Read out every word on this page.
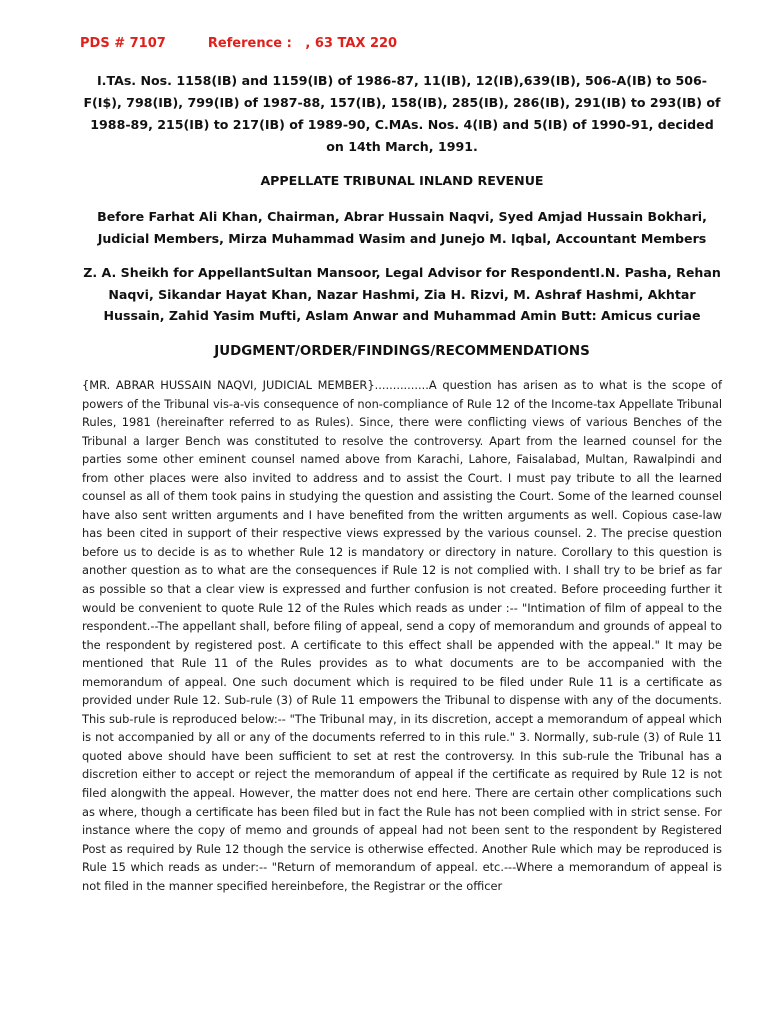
PDS # 7107	Reference : , 63 TAX 220
I.TAs. Nos. 1158(IB) and 1159(IB) of 1986-87, 11(IB), 12(IB),639(IB), 506-A(IB) to 506-F(I$), 798(IB), 799(IB) of 1987-88, 157(IB), 158(IB), 285(IB), 286(IB), 291(IB) to 293(IB) of 1988-89, 215(IB) to 217(IB) of 1989-90, C.MAs. Nos. 4(IB) and 5(IB) of 1990-91, decided on 14th March, 1991.
APPELLATE TRIBUNAL INLAND REVENUE
Before Farhat Ali Khan, Chairman, Abrar Hussain Naqvi, Syed Amjad Hussain Bokhari, Judicial Members, Mirza Muhammad Wasim and Junejo M. Iqbal, Accountant Members
Z. A. Sheikh for AppellantSultan Mansoor, Legal Advisor for RespondentI.N. Pasha, Rehan Naqvi, Sikandar Hayat Khan, Nazar Hashmi, Zia H. Rizvi, M. Ashraf Hashmi, Akhtar Hussain, Zahid Yasim Mufti, Aslam Anwar and Muhammad Amin Butt: Amicus curiae
JUDGMENT/ORDER/FINDINGS/RECOMMENDATIONS
{MR. ABRAR HUSSAIN NAQVI, JUDICIAL MEMBER}...............A question has arisen as to what is the scope of powers of the Tribunal vis-a-vis consequence of non-compliance of Rule 12 of the Income-tax Appellate Tribunal Rules, 1981 (hereinafter referred to as Rules). Since, there were conflicting views of various Benches of the Tribunal a larger Bench was constituted to resolve the controversy. Apart from the learned counsel for the parties some other eminent counsel named above from Karachi, Lahore, Faisalabad, Multan, Rawalpindi and from other places were also invited to address and to assist the Court. I must pay tribute to all the learned counsel as all of them took pains in studying the question and assisting the Court. Some of the learned counsel have also sent written arguments and I have benefited from the written arguments as well. Copious case-law has been cited in support of their respective views expressed by the various counsel. 2. The precise question before us to decide is as to whether Rule 12 is mandatory or directory in nature. Corollary to this question is another question as to what are the consequences if Rule 12 is not complied with. I shall try to be brief as far as possible so that a clear view is expressed and further confusion is not created. Before proceeding further it would be convenient to quote Rule 12 of the Rules which reads as under :-- "Intimation of film of appeal to the respondent.--The appellant shall, before filing of appeal, send a copy of memorandum and grounds of appeal to the respondent by registered post. A certificate to this effect shall be appended with the appeal." It may be mentioned that Rule 11 of the Rules provides as to what documents are to be accompanied with the memorandum of appeal. One such document which is required to be filed under Rule 11 is a certificate as provided under Rule 12. Sub-rule (3) of Rule 11 empowers the Tribunal to dispense with any of the documents. This sub-rule is reproduced below:-- "The Tribunal may, in its discretion, accept a memorandum of appeal which is not accompanied by all or any of the documents referred to in this rule." 3. Normally, sub-rule (3) of Rule 11 quoted above should have been sufficient to set at rest the controversy. In this sub-rule the Tribunal has a discretion either to accept or reject the memorandum of appeal if the certificate as required by Rule 12 is not filed alongwith the appeal. However, the matter does not end here. There are certain other complications such as where, though a certificate has been filed but in fact the Rule has not been complied with in strict sense. For instance where the copy of memo and grounds of appeal had not been sent to the respondent by Registered Post as required by Rule 12 though the service is otherwise effected. Another Rule which may be reproduced is Rule 15 which reads as under:-- "Return of memorandum of appeal. etc.---Where a memorandum of appeal is not filed in the manner specified hereinbefore, the Registrar or the officer
